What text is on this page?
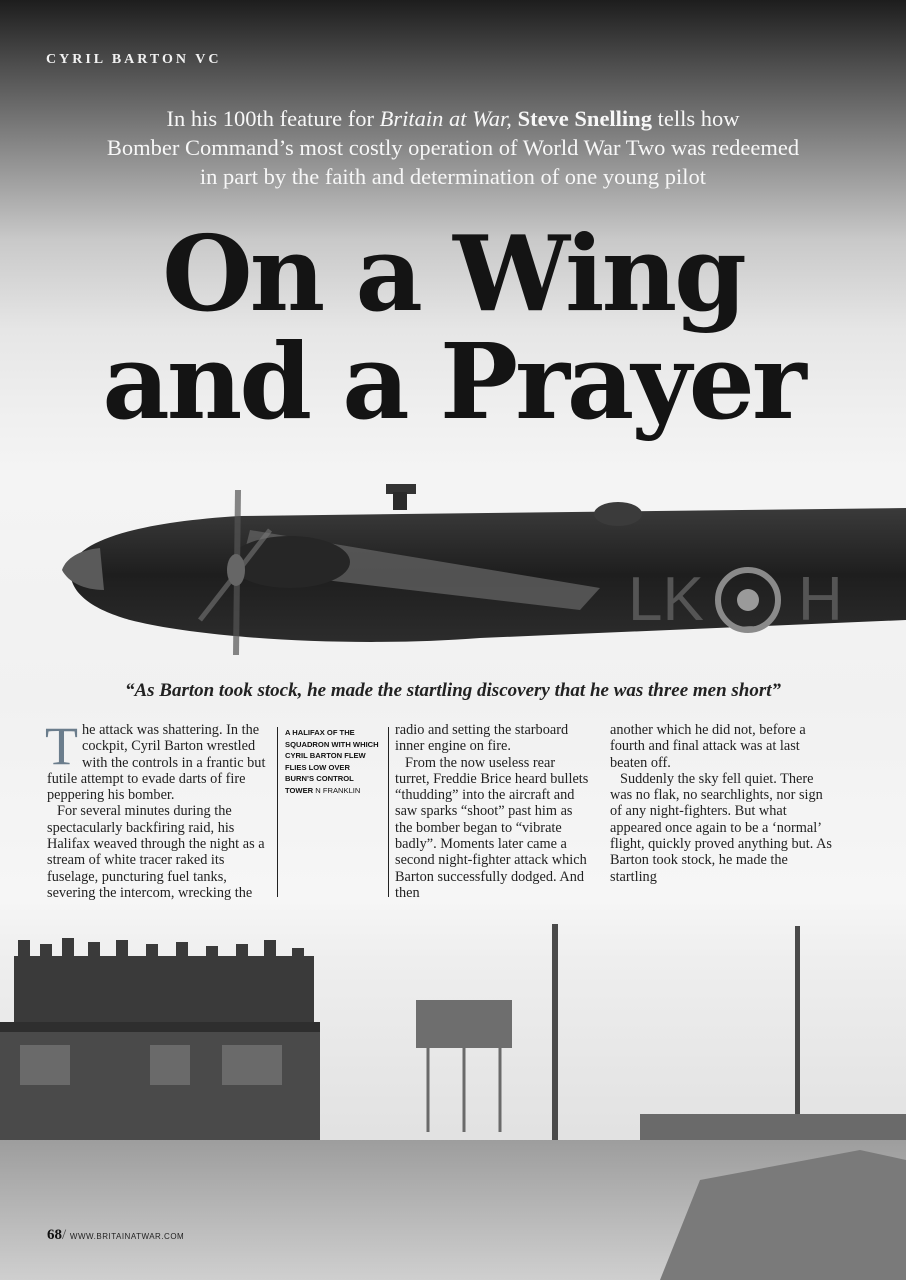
CYRIL BARTON VC
In his 100th feature for Britain at War, Steve Snelling tells how
Bomber Command’s most costly operation of World War Two was redeemed
in part by the faith and determination of one young pilot
On a Wing
and a Prayer
LK H
“As Barton took stock, he made the startling discovery that he was three men short”

The attack was shattering. In the cockpit, Cyril Barton wrestled with the controls in a frantic but futile attempt to evade darts of fire peppering his bomber.

For several minutes during the spectacularly backfiring raid, his Halifax weaved through the night as a stream of white tracer raked its fuselage, puncturing fuel tanks, severing the intercom, wrecking the

A HALIFAX OF THE SQUADRON WITH WHICH CYRIL BARTON FLEW FLIES LOW OVER BURN’S CONTROL TOWER N FRANKLIN

radio and setting the starboard inner engine on fire.

From the now useless rear turret, Freddie Brice heard bullets “thudding” into the aircraft and saw sparks “shoot” past him as the bomber began to “vibrate badly”. Moments later came a second night-fighter attack which Barton successfully dodged. And then

another which he did not, before a fourth and final attack was at last beaten off.

Suddenly the sky fell quiet. There was no flak, no searchlights, nor sign of any night-fighters. But what appeared once again to be a ‘normal’ flight, quickly proved anything but. As Barton took stock, he made the startling

68/ WWW.BRITAINATWAR.COM
